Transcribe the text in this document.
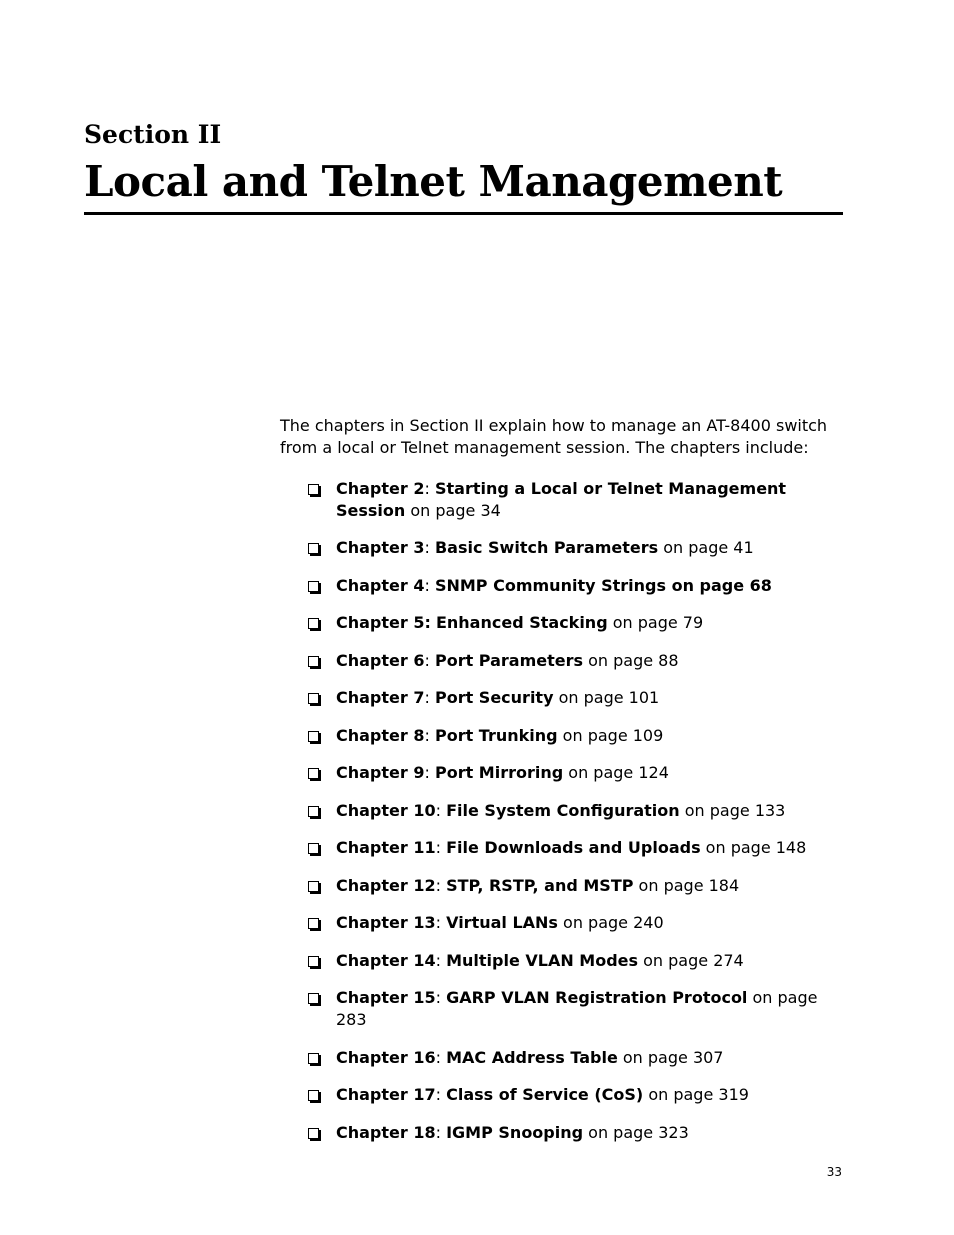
Section II
Local and Telnet Management

The chapters in Section II explain how to manage an AT-8400 switch from a local or Telnet management session. The chapters include:

Chapter 2: Starting a Local or Telnet Management Session on page 34
Chapter 3: Basic Switch Parameters on page 41
Chapter 4: SNMP Community Strings on page 68
Chapter 5: Enhanced Stacking on page 79
Chapter 6: Port Parameters on page 88
Chapter 7: Port Security on page 101
Chapter 8: Port Trunking on page 109
Chapter 9: Port Mirroring on page 124
Chapter 10: File System Configuration on page 133
Chapter 11: File Downloads and Uploads on page 148
Chapter 12: STP, RSTP, and MSTP on page 184
Chapter 13: Virtual LANs on page 240
Chapter 14: Multiple VLAN Modes on page 274
Chapter 15: GARP VLAN Registration Protocol on page 283
Chapter 16: MAC Address Table on page 307
Chapter 17: Class of Service (CoS) on page 319
Chapter 18: IGMP Snooping on page 323
33
